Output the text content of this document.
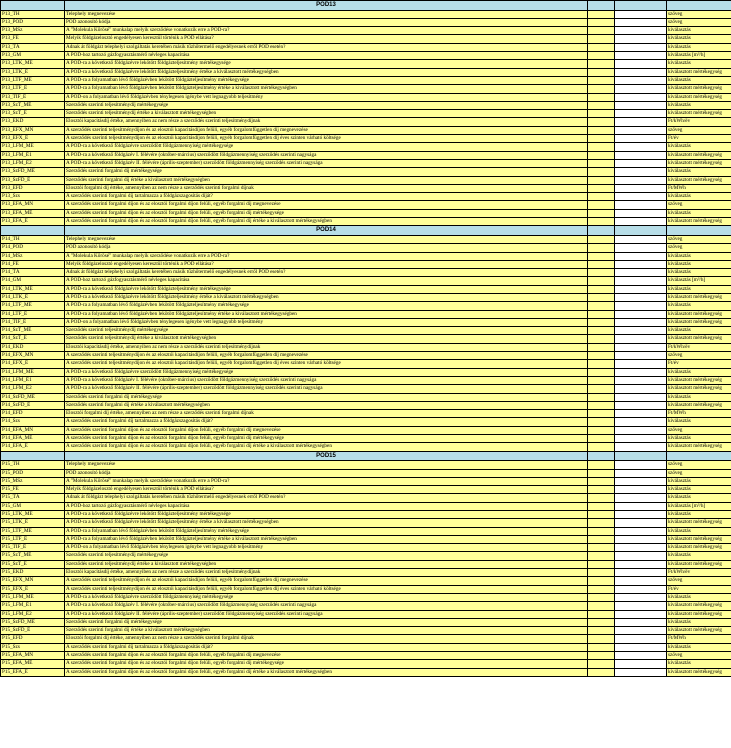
	POD13			
P13_TH	Telephely megnevezése			szöveg
P13_POD	POD azonosító kódja			szöveg
P13_MSz	A "Molekula Kőrösé" munkalap melyik szerződése vonatkozik erre a POD-ra?			kiválasztás
P13_FE	Melyik földgázelosztó engedélyesen keresztül történik a POD ellátása?			kiválasztás
P13_TÁ	Adnak át földgázt telephelyi szolgáltatás keretében másik tűzhőtermelő engedélyesnek erről POD esetén?			kiválasztás
P13_GM	A POD-hoz tartozó gázfogyasztásmérő névleges kapacitása			kiválasztás [m³/h]
P13_LTK_MÉ	A POD-ra a következő földgázévre lekötött földgázteljesítmény mértékegysége			kiválasztás
P13_LTK_É	A POD-ra a következő földgázévre lekötött földgázteljesítmény értéke a kiválasztott mértékegységben			kiválasztott mértékegység
P13_LTF_MÉ	A POD-ra a folyamatban lévő földgázévben lekötött földgázteljesítmény mértékegysége			kiválasztás
P13_LTF_É	A POD-ra a folyamatban lévő földgázévben lekötött földgázteljesítmény értéke a kiválasztott mértékegységben			kiválasztott mértékegység
P13_TIF_É	A POD-on a folyamatban lévő földgázévben ténylegesen igénybe vett legnagyobb teljesítmény			kiválasztott mértékegység
P13_SzT_MÉ	Szerződés szerinti teljesítménydíj mértékegysége			kiválasztás
P13_SzT_É	Szerződés szerinti teljesítménydíj értéke a kiválasztott mértékegységben			kiválasztott mértékegység
P13_EKD	Elosztói kapacitásdíj értéke, amennyiben az nem része a szerződés szerinti teljesítménydíjnak			Ft/kWh/év
P13_EFX_MN	A szerződés szerinti teljesítménydíjon és az elosztói kapacitásdíjon felüli, egyéb forgalomfüggetlen díj megnevezése			szöveg
P13_EFX_É	A szerződés szerinti teljesítménydíjon és az elosztói kapacitásdíjon felüli, egyéb forgalomfüggetlen díj éves szinten várható költsége			Ft/év
P13_LFM_MÉ	A POD-ra a következő földgázévre szerződött földgázmennyiség mértékegysége			kiválasztás
P13_LFM_É1	A POD-ra a következő földgázév I. félévére (október-március) szerződött földgázmennyiség szerződés szerinti nagysága			kiválasztott mértékegység
P13_LFM_É2	A POD-ra a következő földgázév II. félévére (április-szeptember) szerződött földgázmennyiség szerződés szerinti nagysága			kiválasztott mértékegység
P13_SzFD_MÉ	Szerződés szerinti forgalmi díj mértékegysége			kiválasztás
P13_SzFD_É	Szerződés szerinti forgalmi díj értéke a kiválasztott mértékegységben			kiválasztott mértékegység
P13_EFD	Elosztói forgalmi díj értéke, amennyiben az nem része a szerződés szerinti forgalmi díjnak			Ft/MWh
P13_Szs	A szerződés szerinti forgalmi díj tartalmazza a földgázszagosítás díját?			kiválasztás
P13_EFA_MN	A szerződés szerinti forgalmi díjon és az elosztói forgalmi díjon felüli, egyéb forgalmi díj megnevezése			szöveg
P13_EFA_MÉ	A szerződés szerinti forgalmi díjon és az elosztói forgalmi díjon felüli, egyéb forgalmi díj mértékegysége			kiválasztás
P13_EFA_É	A szerződés szerinti forgalmi díjon és az elosztói forgalmi díjon felüli, egyéb forgalmi díj értéke a kiválasztott mértékegységben			kiválasztott mértékegység
	POD14			
P14_TH	Telephely megnevezése			szöveg
P14_POD	POD azonosító kódja			szöveg
P14_MSz	A "Molekula Kőrösé" munkalap melyik szerződése vonatkozik erre a POD-ra?			kiválasztás
P14_FE	Melyik földgázelosztó engedélyesen keresztül történik a POD ellátása?			kiválasztás
P14_TÁ	Adnak át földgázt telephelyi szolgáltatás keretében másik tűzhőtermelő engedélyesnek erről POD esetén?			kiválasztás
P14_GM	A POD-hoz tartozó gázfogyasztásmérő névleges kapacitása			kiválasztás [m³/h]
P14_LTK_MÉ	A POD-ra a következő földgázévre lekötött földgázteljesítmény mértékegysége			kiválasztás
P14_LTK_É	A POD-ra a következő földgázévre lekötött földgázteljesítmény értéke a kiválasztott mértékegységben			kiválasztott mértékegység
P14_LTF_MÉ	A POD-ra a folyamatban lévő földgázévben lekötött földgázteljesítmény mértékegysége			kiválasztás
P14_LTF_É	A POD-ra a folyamatban lévő földgázévben lekötött földgázteljesítmény értéke a kiválasztott mértékegységben			kiválasztott mértékegység
P14_TIF_É	A POD-on a folyamatban lévő földgázévben ténylegesen igénybe vett legnagyobb teljesítmény			kiválasztott mértékegység
P14_SzT_MÉ	Szerződés szerinti teljesítménydíj mértékegysége			kiválasztás
P14_SzT_É	Szerződés szerinti teljesítménydíj értéke a kiválasztott mértékegységben			kiválasztott mértékegység
P14_EKD	Elosztói kapacitásdíj értéke, amennyiben az nem része a szerződés szerinti teljesítménydíjnak			Ft/kWh/év
P14_EFX_MN	A szerződés szerinti teljesítménydíjon és az elosztói kapacitásdíjon felüli, egyéb forgalomfüggetlen díj megnevezése			szöveg
P14_EFX_É	A szerződés szerinti teljesítménydíjon és az elosztói kapacitásdíjon felüli, egyéb forgalomfüggetlen díj éves szinten várható költsége			Ft/év
P14_LFM_MÉ	A POD-ra a következő földgázévre szerződött földgázmennyiség mértékegysége			kiválasztás
P14_LFM_É1	A POD-ra a következő földgázév I. félévére (október-március) szerződött földgázmennyiség szerződés szerinti nagysága			kiválasztott mértékegység
P14_LFM_É2	A POD-ra a következő földgázév II. félévére (április-szeptember) szerződött földgázmennyiség szerződés szerinti nagysága			kiválasztott mértékegység
P14_SzFD_MÉ	Szerződés szerinti forgalmi díj mértékegysége			kiválasztás
P14_SzFD_É	Szerződés szerinti forgalmi díj értéke a kiválasztott mértékegységben			kiválasztott mértékegység
P14_EFD	Elosztói forgalmi díj értéke, amennyiben az nem része a szerződés szerinti forgalmi díjnak			Ft/MWh
P14_Szs	A szerződés szerinti forgalmi díj tartalmazza a földgázszagosítás díját?			kiválasztás
P14_EFA_MN	A szerződés szerinti forgalmi díjon és az elosztói forgalmi díjon felüli, egyéb forgalmi díj megnevezése			szöveg
P14_EFA_MÉ	A szerződés szerinti forgalmi díjon és az elosztói forgalmi díjon felüli, egyéb forgalmi díj mértékegysége			kiválasztás
P14_EFA_É	A szerződés szerinti forgalmi díjon és az elosztói forgalmi díjon felüli, egyéb forgalmi díj értéke a kiválasztott mértékegységben			kiválasztott mértékegység
	POD15			
P15_TH	Telephely megnevezése			szöveg
P15_POD	POD azonosító kódja			szöveg
P15_MSz	A "Molekula Kőrösé" munkalap melyik szerződése vonatkozik erre a POD-ra?			kiválasztás
P15_FE	Melyik földgázelosztó engedélyesen keresztül történik a POD ellátása?			kiválasztás
P15_TÁ	Adnak át földgázt telephelyi szolgáltatás keretében másik tűzhőtermelő engedélyesnek erről POD esetén?			kiválasztás
P15_GM	A POD-hoz tartozó gázfogyasztásmérő névleges kapacitása			kiválasztás [m³/h]
P15_LTK_MÉ	A POD-ra a következő földgázévre lekötött földgázteljesítmény mértékegysége			kiválasztás
P15_LTK_É	A POD-ra a következő földgázévre lekötött földgázteljesítmény értéke a kiválasztott mértékegységben			kiválasztott mértékegység
P15_LTF_MÉ	A POD-ra a folyamatban lévő földgázévben lekötött földgázteljesítmény mértékegysége			kiválasztás
P15_LTF_É	A POD-ra a folyamatban lévő földgázévben lekötött földgázteljesítmény értéke a kiválasztott mértékegységben			kiválasztott mértékegység
P15_TIF_É	A POD-on a folyamatban lévő földgázévben ténylegesen igénybe vett legnagyobb teljesítmény			kiválasztott mértékegység
P15_SzT_MÉ	Szerződés szerinti teljesítménydíj mértékegysége			kiválasztás
P15_SzT_É	Szerződés szerinti teljesítménydíj értéke a kiválasztott mértékegységben			kiválasztott mértékegység
P15_EKD	Elosztói kapacitásdíj értéke, amennyiben az nem része a szerződés szerinti teljesítménydíjnak			Ft/kWh/év
P15_EFX_MN	A szerződés szerinti teljesítménydíjon és az elosztói kapacitásdíjon felüli, egyéb forgalomfüggetlen díj megnevezése			szöveg
P15_EFX_É	A szerződés szerinti teljesítménydíjon és az elosztói kapacitásdíjon felüli, egyéb forgalomfüggetlen díj éves szinten várható költsége			Ft/év
P15_LFM_MÉ	A POD-ra a következő földgázévre szerződött földgázmennyiség mértékegysége			kiválasztás
P15_LFM_É1	A POD-ra a következő földgázév I. félévére (október-március) szerződött földgázmennyiség szerződés szerinti nagysága			kiválasztott mértékegység
P15_LFM_É2	A POD-ra a következő földgázév II. félévére (április-szeptember) szerződött földgázmennyiség szerződés szerinti nagysága			kiválasztott mértékegység
P15_SzFD_MÉ	Szerződés szerinti forgalmi díj mértékegysége			kiválasztás
P15_SzFD_É	Szerződés szerinti forgalmi díj értéke a kiválasztott mértékegységben			kiválasztott mértékegység
P15_EFD	Elosztói forgalmi díj értéke, amennyiben az nem része a szerződés szerinti forgalmi díjnak			Ft/MWh
P15_Szs	A szerződés szerinti forgalmi díj tartalmazza a földgázszagosítás díját?			kiválasztás
P15_EFA_MN	A szerződés szerinti forgalmi díjon és az elosztói forgalmi díjon felüli, egyéb forgalmi díj megnevezése			szöveg
P15_EFA_MÉ	A szerződés szerinti forgalmi díjon és az elosztói forgalmi díjon felüli, egyéb forgalmi díj mértékegysége			kiválasztás
P15_EFA_É	A szerződés szerinti forgalmi díjon és az elosztói forgalmi díjon felüli, egyéb forgalmi díj értéke a kiválasztott mértékegységben			kiválasztott mértékegység
